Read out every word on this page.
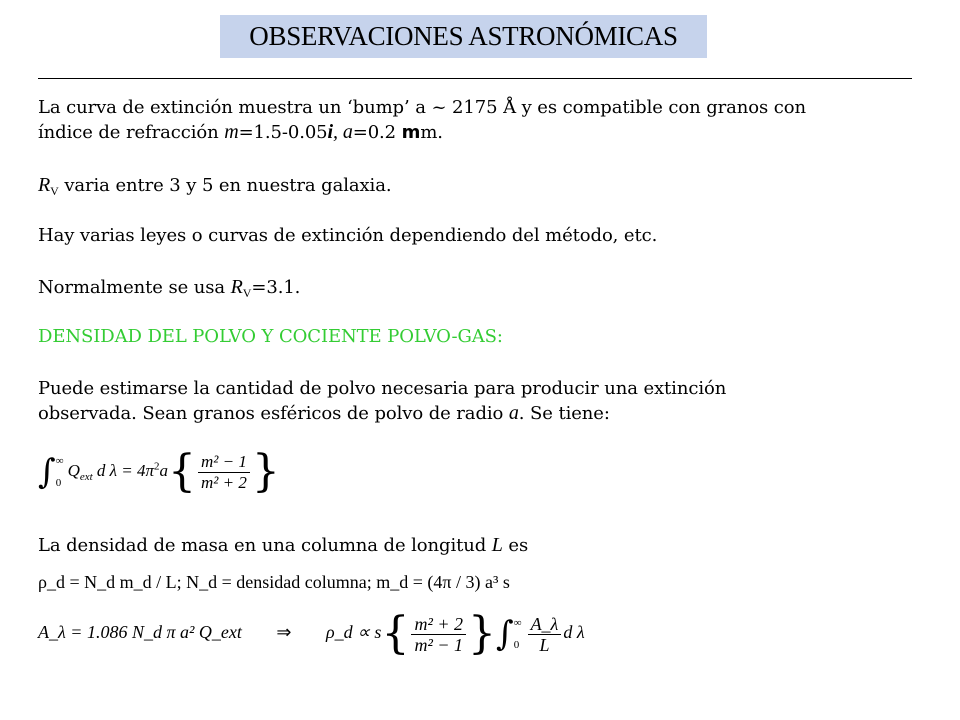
OBSERVACIONES ASTRONÓMICAS
La curva de extinción muestra un ‘bump’ a ~ 2175 Å y es compatible con granos con
índice de refracción m=1.5-0.05i, a=0.2 mm.
$R_V$ varia entre 3 y 5 en nuestra galaxia.
Hay varias leyes o curvas de extinción dependiendo del método, etc.
Normalmente se usa $R_V=3.1$.
DENSIDAD DEL POLVO Y COCIENTE POLVO-GAS:
Puede estimarse la cantidad de polvo necesaria para producir una extinción
observada. Sean granos esféricos de polvo de radio a. Se tiene:
∫ ∞
0
$Q_{ext}$ d $\lambda = 4\pi^2a\{ \frac{\text{m² − 1}}{\text{m² + 2}}$ }
La densidad de masa en una columna de longitud L es
ρ_d = N_d m_d / L; N_d = densidad columna; m_d = (4π / 3) a³ s
A_λ = 1.086 N_d π a² Q_ext ⇒ ρ_d ∝ $s\{ \frac{\text{m² + 2}}{\text{m² − 1}}$ }∫ ∞
$0 \frac{A\_\lambda}{L}$ d λ
